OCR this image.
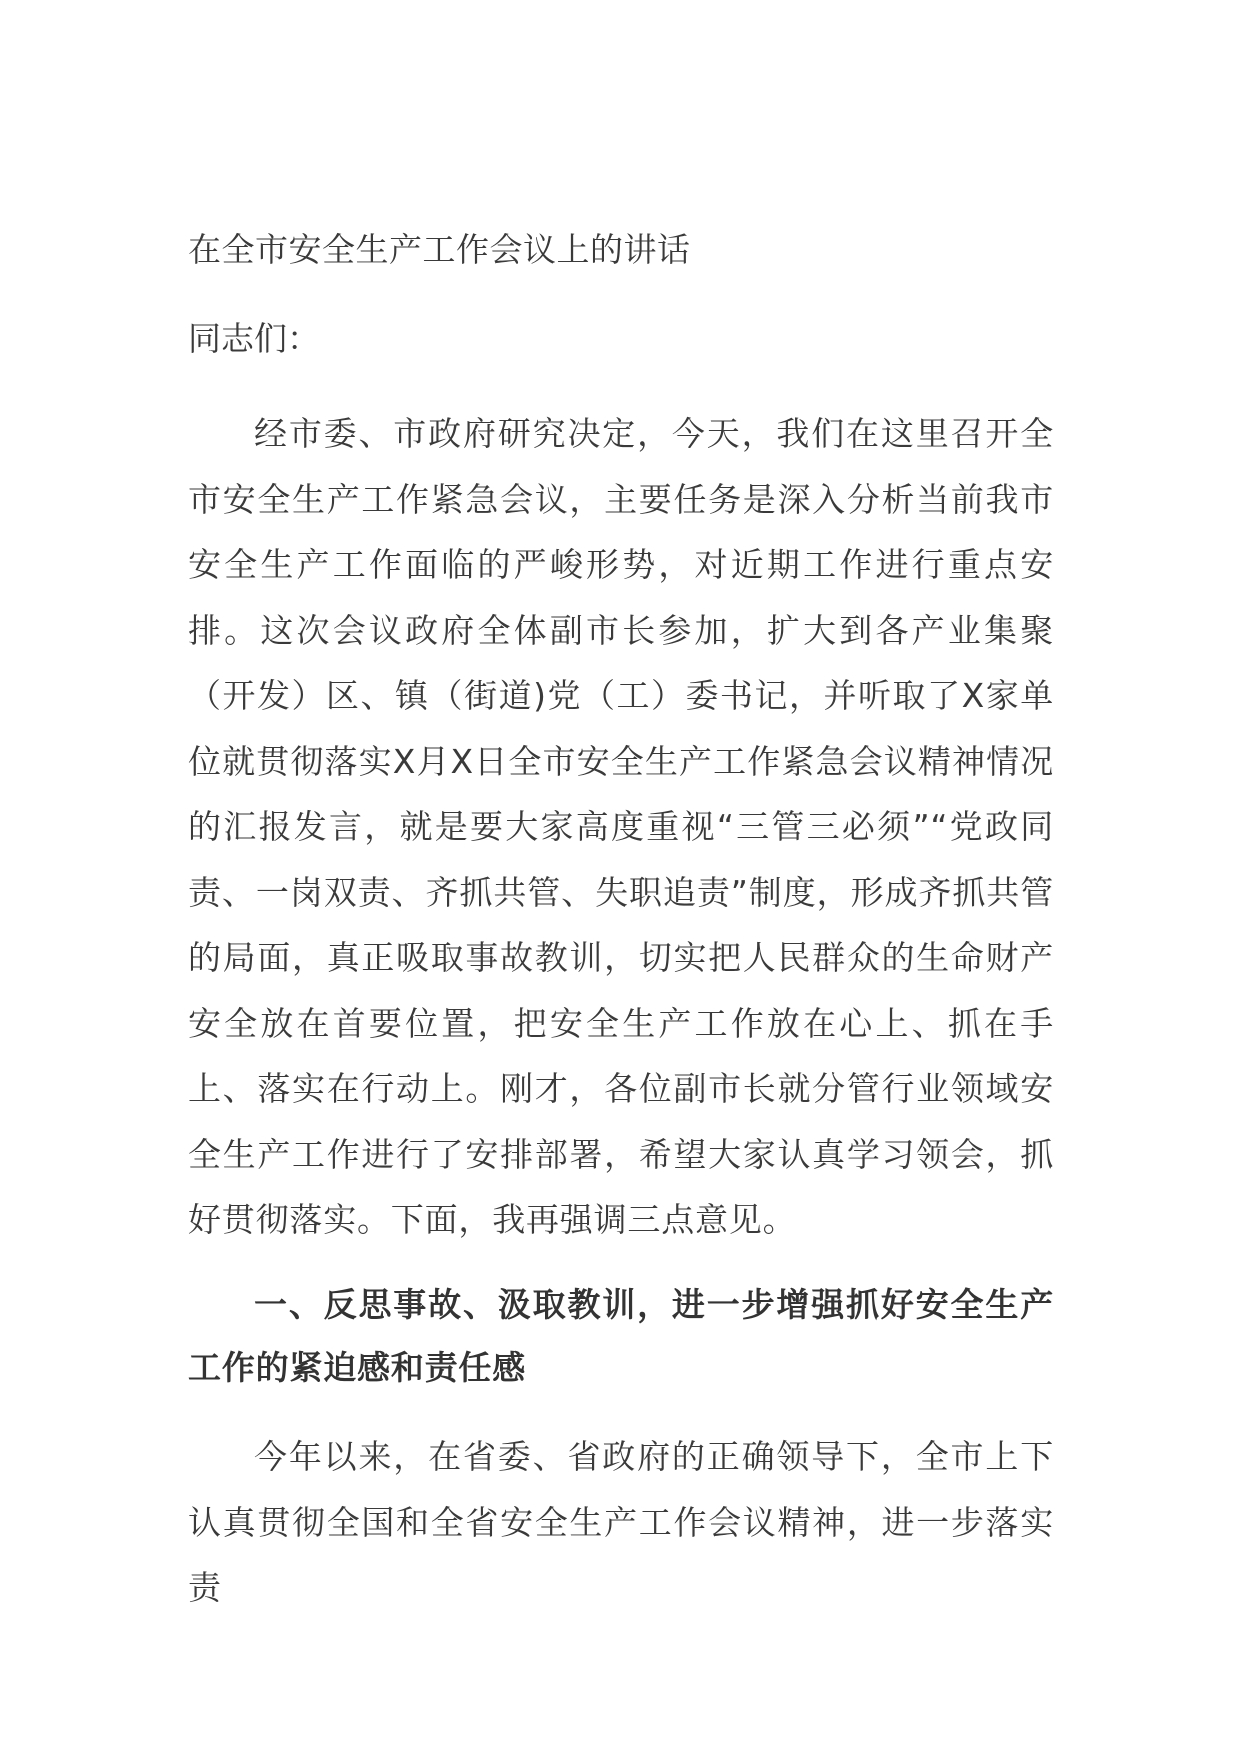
在全市安全生产工作会议上的讲话
同志们：

经市委、市政府研究决定，今天，我们在这里召开全市安全生产工作紧急会议，主要任务是深入分析当前我市安全生产工作面临的严峻形势，对近期工作进行重点安排。这次会议政府全体副市长参加，扩大到各产业集聚（开发）区、镇（街道)党（工）委书记，并听取了X家单位就贯彻落实X月X日全市安全生产工作紧急会议精神情况的汇报发言，就是要大家高度重视“三管三必须”“党政同责、一岗双责、齐抓共管、失职追责”制度，形成齐抓共管的局面，真正吸取事故教训，切实把人民群众的生命财产安全放在首要位置，把安全生产工作放在心上、抓在手上、落实在行动上。刚才，各位副市长就分管行业领域安全生产工作进行了安排部署，希望大家认真学习领会，抓好贯彻落实。下面，我再强调三点意见。

一、反思事故、汲取教训，进一步增强抓好安全生产工作的紧迫感和责任感

今年以来，在省委、省政府的正确领导下，全市上下认真贯彻全国和全省安全生产工作会议精神，进一步落实责
